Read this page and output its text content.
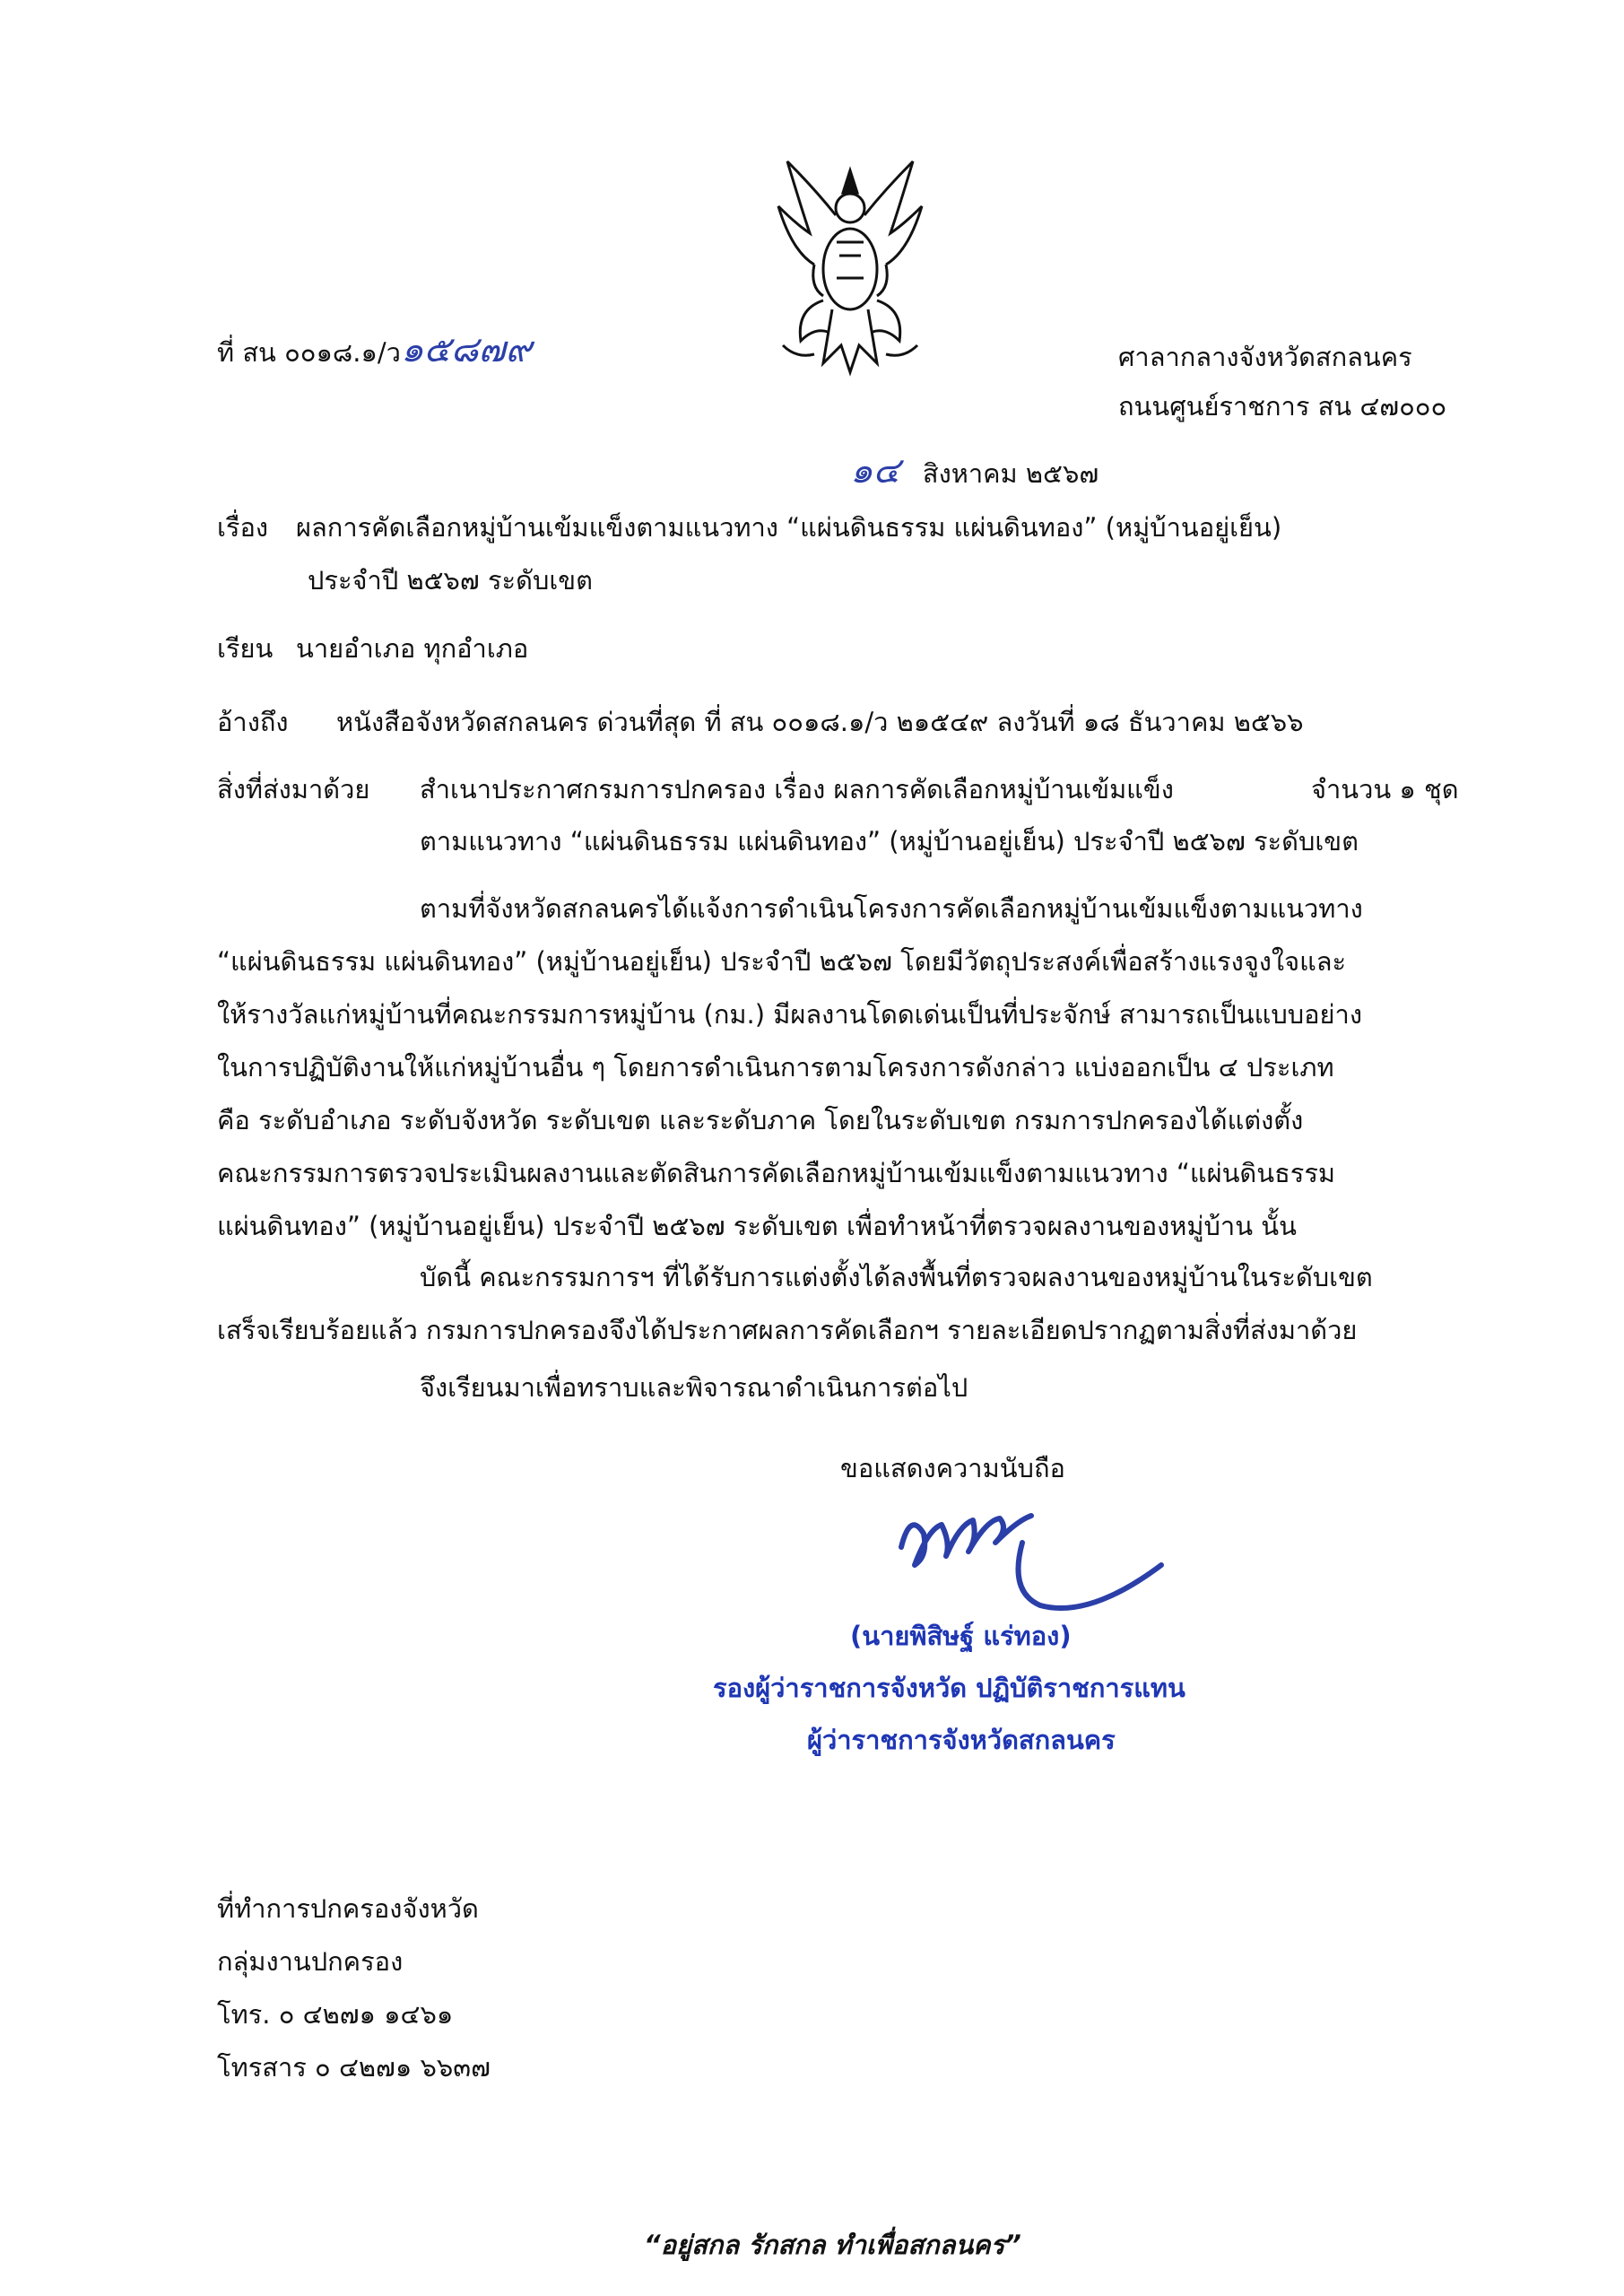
ที่ สน ๐๐๑๘.๑/ว๑๕๘๗๙	ศาลากลางจังหวัดสกลนคร
ถนนศูนย์ราชการ สน ๔๗๐๐๐
๑๔ สิงหาคม ๒๕๖๗
เรื่อง ผลการคัดเลือกหมู่บ้านเข้มแข็งตามแนวทาง “แผ่นดินธรรม แผ่นดินทอง” (หมู่บ้านอยู่เย็น)
ประจำปี ๒๕๖๗ ระดับเขต
เรียน นายอำเภอ ทุกอำเภอ
อ้างถึง หนังสือจังหวัดสกลนคร ด่วนที่สุด ที่ สน ๐๐๑๘.๑/ว ๒๑๕๔๙ ลงวันที่ ๑๘ ธันวาคม ๒๕๖๖
สิ่งที่ส่งมาด้วย สำเนาประกาศกรมการปกครอง เรื่อง ผลการคัดเลือกหมู่บ้านเข้มแข็ง	จำนวน ๑ ชุด
ตามแนวทาง “แผ่นดินธรรม แผ่นดินทอง” (หมู่บ้านอยู่เย็น) ประจำปี ๒๕๖๗ ระดับเขต
ตามที่จังหวัดสกลนครได้แจ้งการดำเนินโครงการคัดเลือกหมู่บ้านเข้มแข็งตามแนวทาง
“แผ่นดินธรรม แผ่นดินทอง” (หมู่บ้านอยู่เย็น) ประจำปี ๒๕๖๗ โดยมีวัตถุประสงค์เพื่อสร้างแรงจูงใจและ
ให้รางวัลแก่หมู่บ้านที่คณะกรรมการหมู่บ้าน (กม.) มีผลงานโดดเด่นเป็นที่ประจักษ์ สามารถเป็นแบบอย่าง
ในการปฏิบัติงานให้แก่หมู่บ้านอื่น ๆ โดยการดำเนินการตามโครงการดังกล่าว แบ่งออกเป็น ๔ ประเภท
คือ ระดับอำเภอ ระดับจังหวัด ระดับเขต และระดับภาค โดยในระดับเขต กรมการปกครองได้แต่งตั้ง
คณะกรรมการตรวจประเมินผลงานและตัดสินการคัดเลือกหมู่บ้านเข้มแข็งตามแนวทาง “แผ่นดินธรรม
แผ่นดินทอง” (หมู่บ้านอยู่เย็น) ประจำปี ๒๕๖๗ ระดับเขต เพื่อทำหน้าที่ตรวจผลงานของหมู่บ้าน นั้น
บัดนี้ คณะกรรมการฯ ที่ได้รับการแต่งตั้งได้ลงพื้นที่ตรวจผลงานของหมู่บ้านในระดับเขต
เสร็จเรียบร้อยแล้ว กรมการปกครองจึงได้ประกาศผลการคัดเลือกฯ รายละเอียดปรากฏตามสิ่งที่ส่งมาด้วย
จึงเรียนมาเพื่อทราบและพิจารณาดำเนินการต่อไป
ขอแสดงความนับถือ
(นายพิสิษฐ์ แร่ทอง)
รองผู้ว่าราชการจังหวัด ปฏิบัติราชการแทน
ผู้ว่าราชการจังหวัดสกลนคร
ที่ทำการปกครองจังหวัด
กลุ่มงานปกครอง
โทร. ๐ ๔๒๗๑ ๑๔๖๑
โทรสาร ๐ ๔๒๗๑ ๖๖๓๗
“อยู่สกล รักสกล ทำเพื่อสกลนคร”
